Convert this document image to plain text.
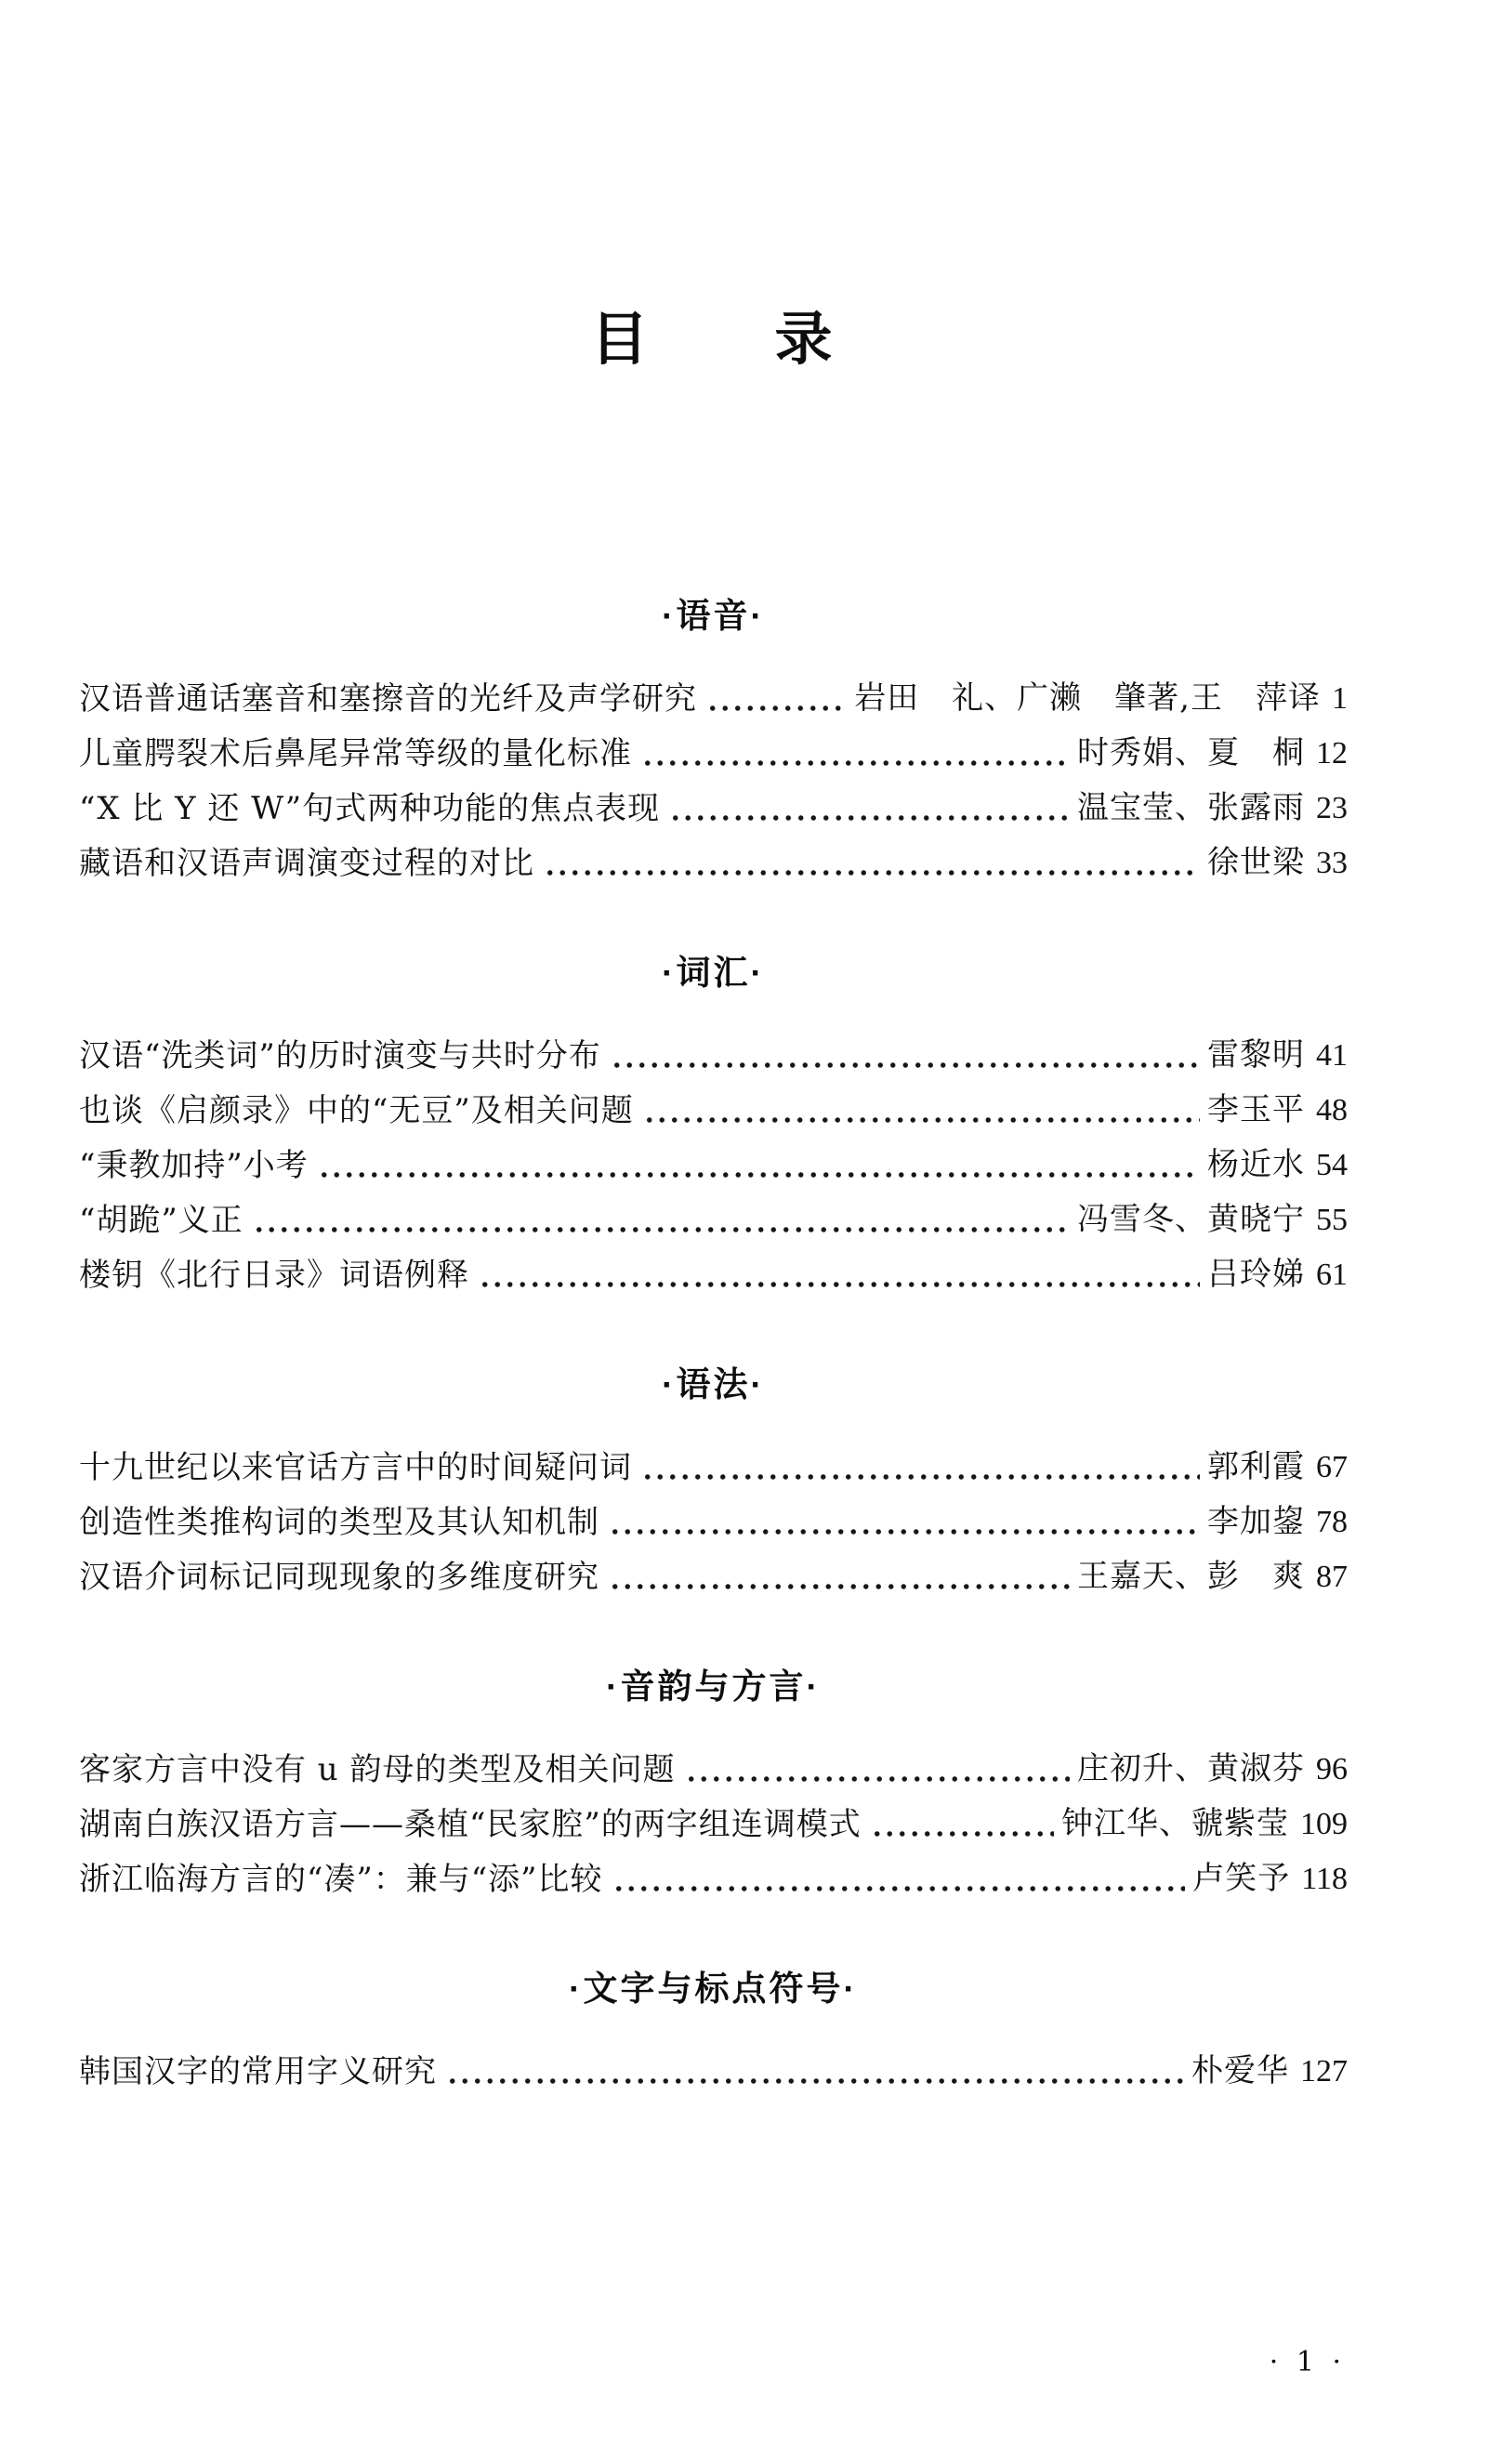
目　　录
·语音·
汉语普通话塞音和塞擦音的光纤及声学研究	岩田　礼、广濑　肇著,王　萍译 1
儿童腭裂术后鼻尾异常等级的量化标准	时秀娟、夏　桐 12
“X 比 Y 还 W”句式两种功能的焦点表现	温宝莹、张露雨 23
藏语和汉语声调演变过程的对比	徐世梁 33
·词汇·
汉语“洗类词”的历时演变与共时分布	雷黎明 41
也谈《启颜录》中的“无豆”及相关问题	李玉平 48
“秉教加持”小考	杨近水 54
“胡跪”义正	冯雪冬、黄晓宁 55
楼钥《北行日录》词语例释	吕玲娣 61
·语法·
十九世纪以来官话方言中的时间疑问词	郭利霞 67
创造性类推构词的类型及其认知机制	李加鋆 78
汉语介词标记同现现象的多维度研究	王嘉天、彭　爽 87
·音韵与方言·
客家方言中没有 u 韵母的类型及相关问题	庄初升、黄淑芬 96
湖南白族汉语方言——桑植“民家腔”的两字组连调模式	钟江华、虢紫莹 109
浙江临海方言的“凑”：兼与“添”比较	卢笑予 118
·文字与标点符号·
韩国汉字的常用字义研究	朴爱华 127
· 1 ·
